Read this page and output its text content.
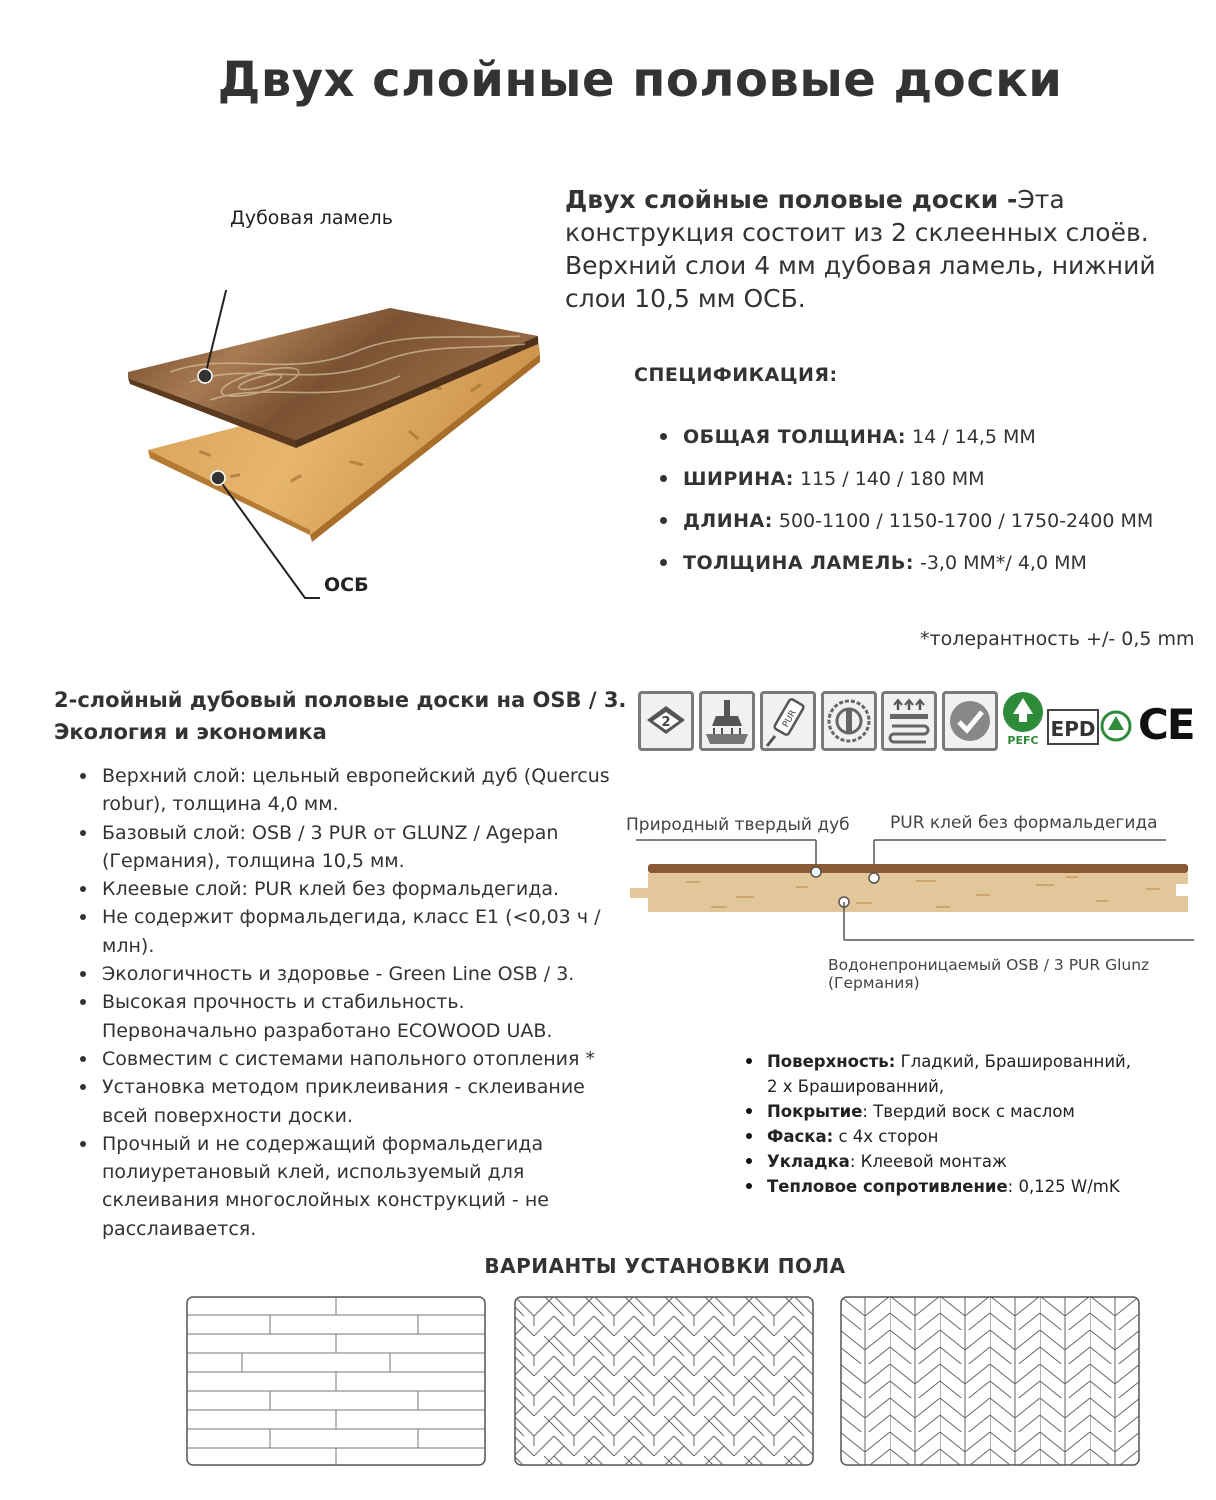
Двух слойные половые доски
Двух слойные половые доски -Эта конструкция состоит из 2 склеенных слоёв. Верхний слои 4 мм дубовая ламель, нижний слои 10,5 мм ОСБ.
Дубовая ламель
ОСБ
СПЕЦИФИКАЦИЯ:
ОБЩАЯ ТОЛЩИНА: 14 / 14,5 ММ
ШИРИНА: 115 / 140 / 180 ММ
ДЛИНА: 500-1100 / 1150-1700 / 1750-2400 ММ
ТОЛЩИНА ЛАМЕЛЬ: -3,0 ММ*/ 4,0 ММ
*толерантность +/- 0,5 mm
2-слойный дубовый половые доски на OSB / 3.
Экология и экономика
Верхний слой: цельный европейский дуб (Quercus robur), толщина 4,0 мм.
Базовый слой: OSB / 3 PUR от GLUNZ / Agepan (Германия), толщина 10,5 мм.
Клеевые слой: PUR клей без формальдегида.
Не содержит формальдегида, класс E1 (<0,03 ч / млн).
Экологичность и здоровье - Green Line OSB / 3.
Высокая прочность и стабильность. Первоначально разработано ECOWOOD UAB.
Совместим с системами напольного отопления *
Установка методом приклеивания - склеивание всей поверхности доски.
Прочный и не содержащий формальдегида полиуретановый клей, используемый для склеивания многослойных конструкций - не расслаивается.
2	PUR
PEFC EPD CE
Природный твердый дуб PUR клей без формальдегида
Водонепроницаемый OSB / 3 PUR Glunz (Германия)
Поверхность: Гладкий, Брашированний, 2 х Брашированний,
Покрытие: Твердий воск с маслом
Фаска: с 4х сторон
Укладка: Клеевой монтаж
Тепловое сопротивление: 0,125 W/mK
ВАРИАНТЫ УСТАНОВКИ ПОЛА
